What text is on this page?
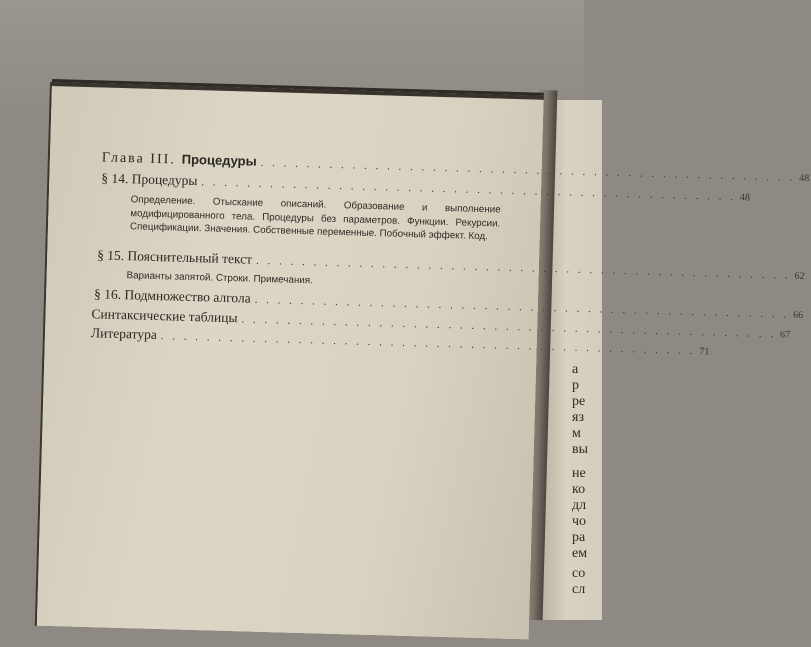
а
р
ре
яз
м
вы
не
ко
дл
чо
ра
ем
со
сл
Глава III. Процедуры
. . .
48
§ 14. Процедуры
. . .
48
Определение. Отыскание описаний. Образование и выполнение модифицированного тела. Процедуры без параметров. Функции. Рекурсии. Спецификации. Значения. Собственные переменные. Побочный эффект. Код.
§ 15. Пояснительный текст
. . .
62
Варианты запятой. Строки. Примечания.
§ 16. Подмножество алгола
. . .
66
Синтаксические таблицы
. . .
67
Литература
. . .
71
